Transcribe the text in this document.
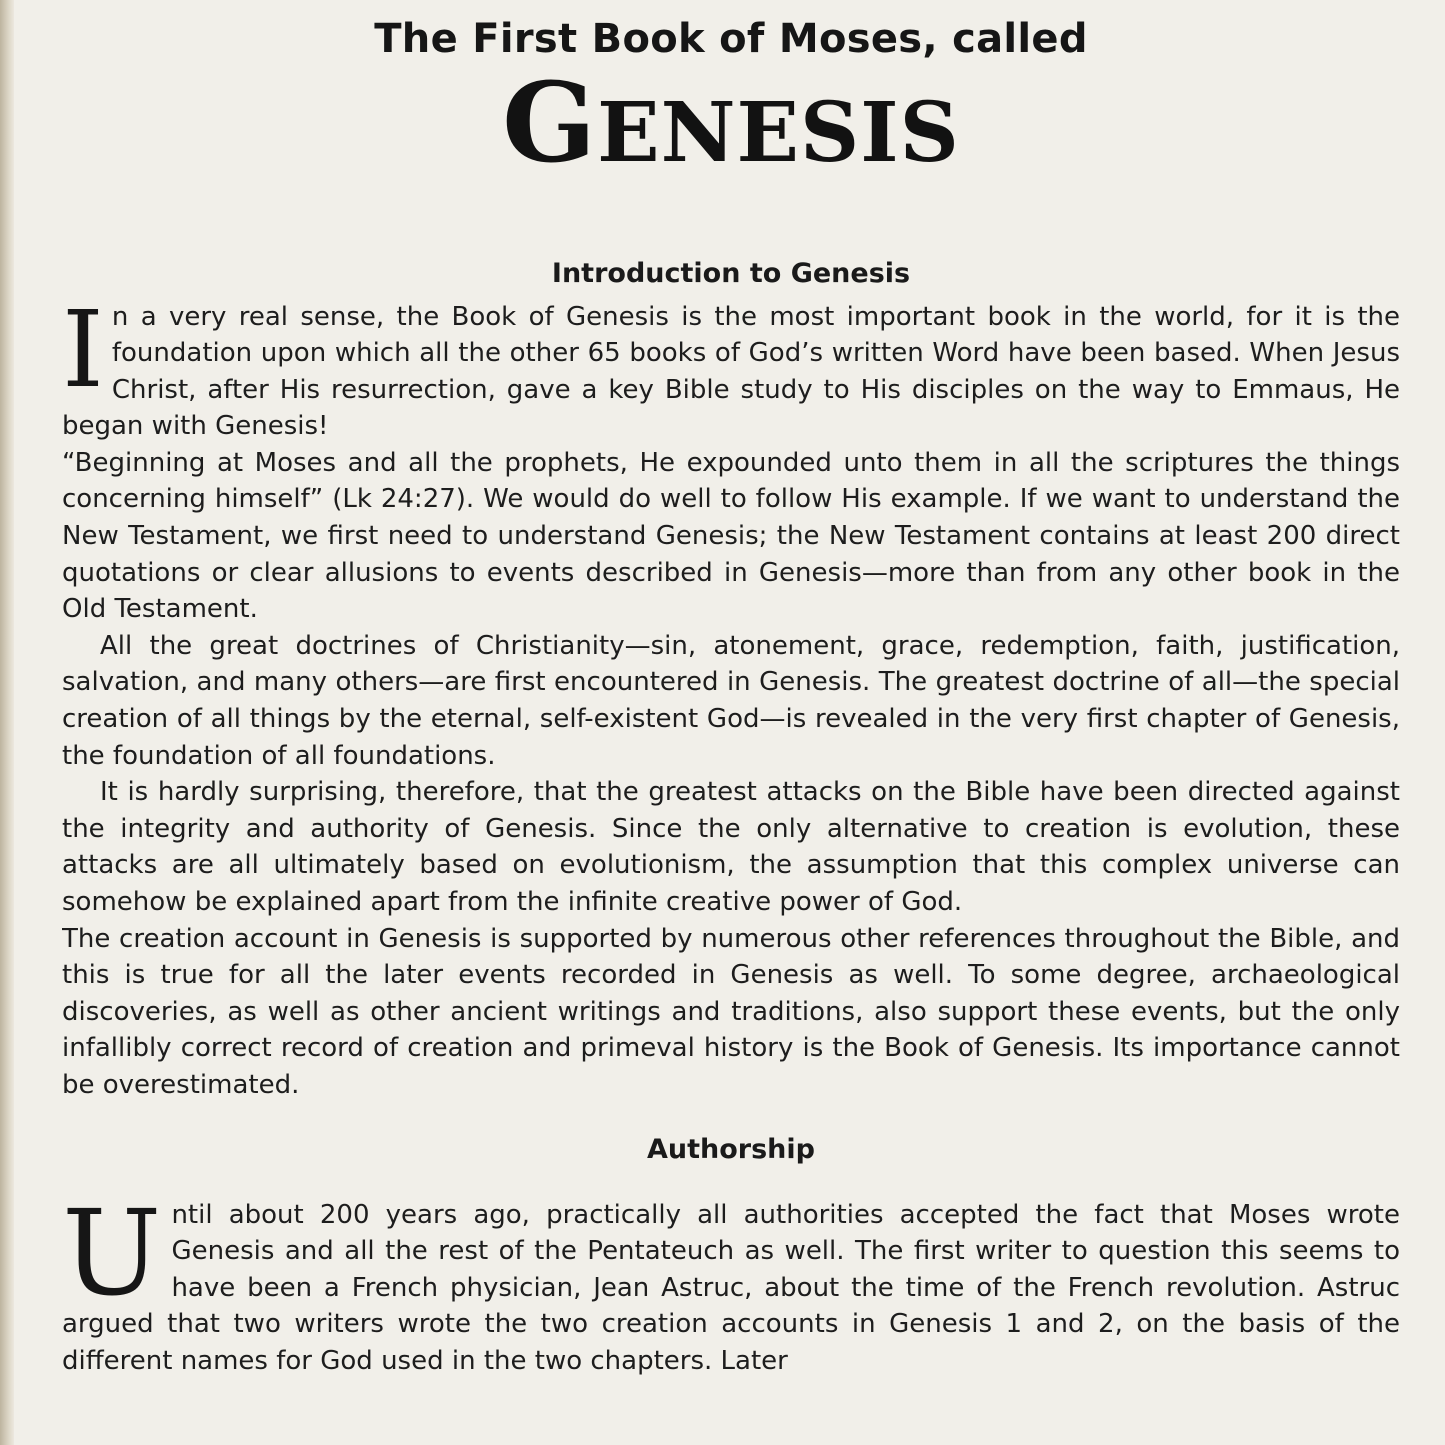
The First Book of Moses, called
GENESIS
Introduction to Genesis

In a very real sense, the Book of Genesis is the most important book in the world, for it is the foundation upon which all the other 65 books of God’s written Word have been based. When Jesus Christ, after His resurrection, gave a key Bible study to His disciples on the way to Emmaus, He began with Genesis!

“Beginning at Moses and all the prophets, He expounded unto them in all the scriptures the things concerning himself” (Lk 24:27). We would do well to follow His example. If we want to understand the New Testament, we first need to understand Genesis; the New Testament contains at least 200 direct quotations or clear allusions to events described in Genesis—more than from any other book in the Old Testament.

All the great doctrines of Christianity—sin, atonement, grace, redemption, faith, justification, salvation, and many others—are first encountered in Genesis. The greatest doctrine of all—the special creation of all things by the eternal, self-existent God—is revealed in the very first chapter of Genesis, the foundation of all foundations.

It is hardly surprising, therefore, that the greatest attacks on the Bible have been directed against the integrity and authority of Genesis. Since the only alternative to creation is evolution, these attacks are all ultimately based on evolutionism, the assumption that this complex universe can somehow be explained apart from the infinite creative power of God.

The creation account in Genesis is supported by numerous other references throughout the Bible, and this is true for all the later events recorded in Genesis as well. To some degree, archaeological discoveries, as well as other ancient writings and traditions, also support these events, but the only infallibly correct record of creation and primeval history is the Book of Genesis. Its importance cannot be overestimated.

Authorship

Until about 200 years ago, practically all authorities accepted the fact that Moses wrote Genesis and all the rest of the Pentateuch as well. The first writer to question this seems to have been a French physician, Jean Astruc, about the time of the French revolution. Astruc argued that two writers wrote the two creation accounts in Genesis 1 and 2, on the basis of the different names for God used in the two chapters. Later
